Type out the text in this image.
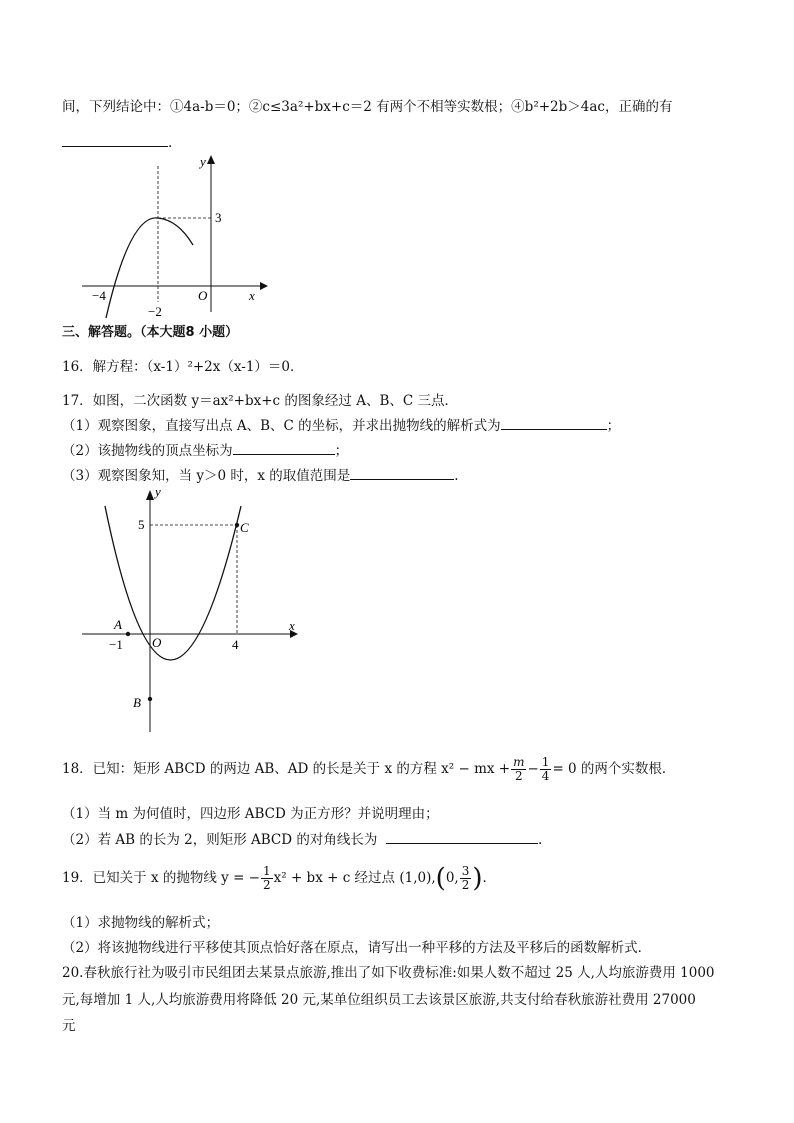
间，下列结论中：①4a-b＝0；②c≤3a²+bx+c＝2 有两个不相等实数根；④b²+2b＞4ac，正确的有
.
y
3
O	x
−4
−2
三、解答题。（本大题8 小题）
16．解方程：（x-1）²+2x（x-1）＝0．
17．如图，二次函数 y＝ax²+bx+c 的图象经过 A、B、C 三点．
（1）观察图象，直接写出点 A、B、C 的坐标，并求出抛物线的解析式为	；
（2）该抛物线的顶点坐标为	；
（3）观察图象知，当 y＞0 时，x 的取值范围是	.
y
5	C
A	x
−1 O	4
B
18．已知：矩形 ABCD 的两边 AB、AD 的长是关于 x 的方程 x² − mx + $\frac{m}{2} - \frac{1}{4} = 0$ 的两个实数根．
（1）当 m 为何值时，四边形 ABCD 为正方形？并说明理由；
（2）若 AB 的长为 2，则矩形 ABCD 的对角线长为	.
19．已知关于 x 的抛物线 y = − $\frac{1}{2} x^2$ + bx + c 经过点 (1,0),(0, $\frac{3}{2}$ )．
（1）求抛物线的解析式；
（2）将该抛物线进行平移使其顶点恰好落在原点，请写出一种平移的方法及平移后的函数解析式．
20.春秋旅行社为吸引市民组团去某景点旅游,推出了如下收费标准:如果人数不超过 25 人,人均旅游费用 1000
元,每增加 1 人,人均旅游费用将降低 20 元,某单位组织员工去该景区旅游,共支付给春秋旅游社费用 27000
元
